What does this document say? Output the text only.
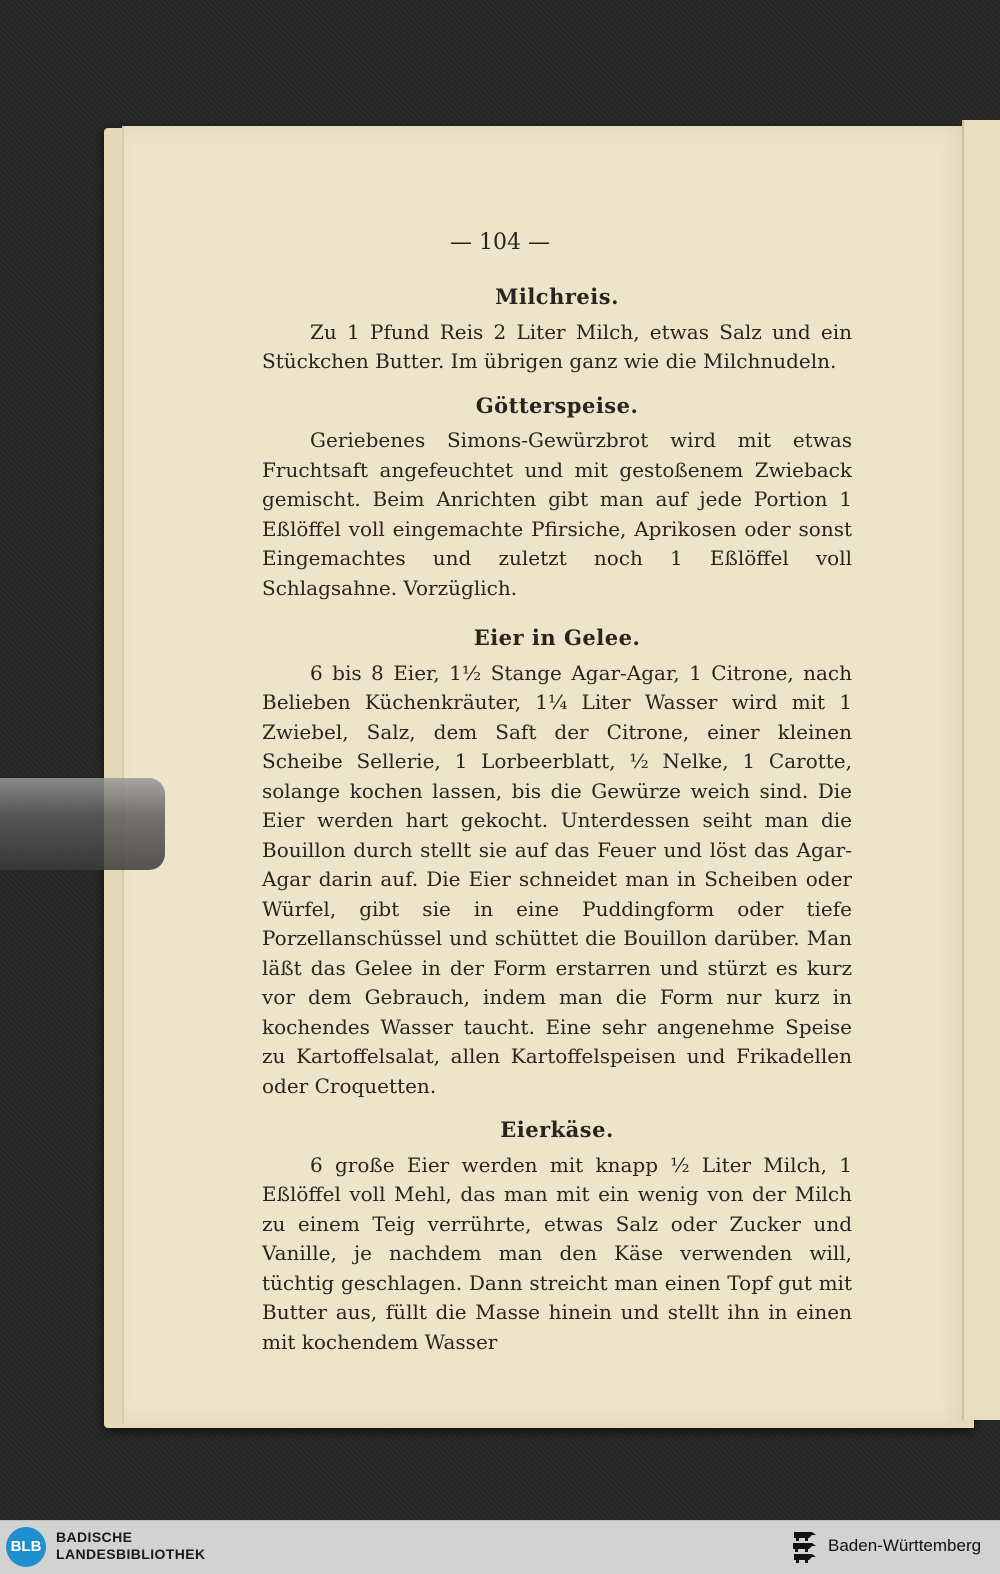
— 104 —
Milchreis.

Zu 1 Pfund Reis 2 Liter Milch, etwas Salz und ein Stückchen Butter. Im übrigen ganz wie die Milchnudeln.

Götterspeise.

Geriebenes Simons-Gewürzbrot wird mit etwas Fruchtsaft angefeuchtet und mit gestoßenem Zwieback gemischt. Beim Anrichten gibt man auf jede Portion 1 Eßlöffel voll eingemachte Pfirsiche, Aprikosen oder sonst Eingemachtes und zuletzt noch 1 Eßlöffel voll Schlagsahne. Vorzüglich.

Eier in Gelee.

6 bis 8 Eier, 1½ Stange Agar-Agar, 1 Citrone, nach Belieben Küchenkräuter, 1¼ Liter Wasser wird mit 1 Zwiebel, Salz, dem Saft der Citrone, einer kleinen Scheibe Sellerie, 1 Lorbeerblatt, ½ Nelke, 1 Carotte, solange kochen lassen, bis die Gewürze weich sind. Die Eier werden hart gekocht. Unterdessen seiht man die Bouillon durch stellt sie auf das Feuer und löst das Agar-Agar darin auf. Die Eier schneidet man in Scheiben oder Würfel, gibt sie in eine Puddingform oder tiefe Porzellanschüssel und schüttet die Bouillon darüber. Man läßt das Gelee in der Form erstarren und stürzt es kurz vor dem Gebrauch, indem man die Form nur kurz in kochendes Wasser taucht. Eine sehr angenehme Speise zu Kartoffelsalat, allen Kartoffelspeisen und Frikadellen oder Croquetten.

Eierkäse.

6 große Eier werden mit knapp ½ Liter Milch, 1 Eßlöffel voll Mehl, das man mit ein wenig von der Milch zu einem Teig verrührte, etwas Salz oder Zucker und Vanille, je nachdem man den Käse verwenden will, tüchtig geschlagen. Dann streicht man einen Topf gut mit Butter aus, füllt die Masse hinein und stellt ihn in einen mit kochendem Wasser

BLB
BADISCHE
LANDESBIBLIOTHEK	Baden-Württemberg
